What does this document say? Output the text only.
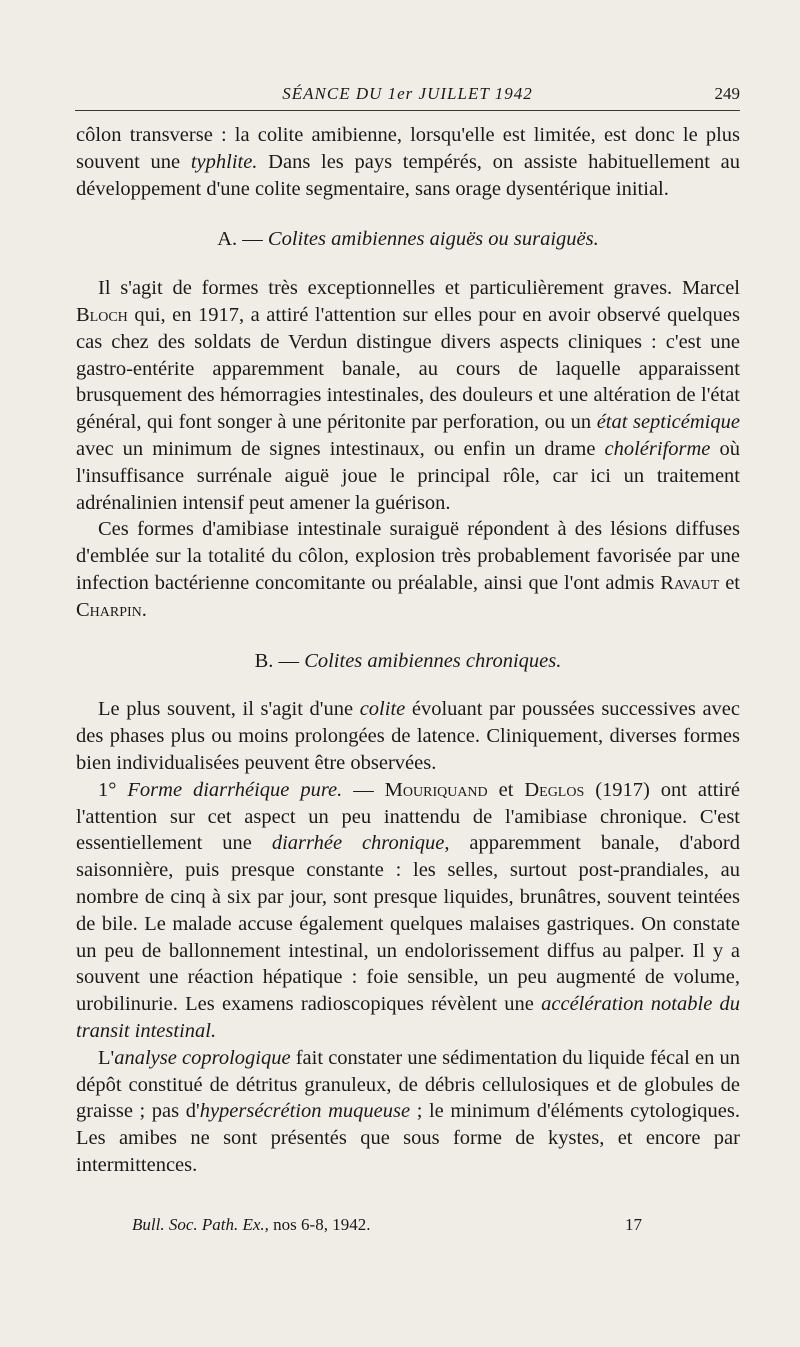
SÉANCE DU 1er JUILLET 1942	249

côlon transverse : la colite amibienne, lorsqu'elle est limitée, est donc le plus souvent une typhlite. Dans les pays tempérés, on assiste habituellement au développement d'une colite segmentaire, sans orage dysentérique initial.

A. — Colites amibiennes aiguës ou suraiguës.

Il s'agit de formes très exceptionnelles et particulièrement graves. Marcel Bloch qui, en 1917, a attiré l'attention sur elles pour en avoir observé quelques cas chez des soldats de Verdun distingue divers aspects cliniques : c'est une gastro-entérite apparemment banale, au cours de laquelle apparaissent brusquement des hémorragies intestinales, des douleurs et une altération de l'état général, qui font songer à une péritonite par perforation, ou un état septicémique avec un minimum de signes intestinaux, ou enfin un drame cholériforme où l'insuffisance surrénale aiguë joue le principal rôle, car ici un traitement adrénalinien intensif peut amener la guérison.

Ces formes d'amibiase intestinale suraiguë répondent à des lésions diffuses d'emblée sur la totalité du côlon, explosion très probablement favorisée par une infection bactérienne concomitante ou préalable, ainsi que l'ont admis Ravaut et Charpin.

B. — Colites amibiennes chroniques.

Le plus souvent, il s'agit d'une colite évoluant par poussées successives avec des phases plus ou moins prolongées de latence. Cliniquement, diverses formes bien individualisées peuvent être observées.

1° Forme diarrhéique pure. — Mouriquand et Deglos (1917) ont attiré l'attention sur cet aspect un peu inattendu de l'amibiase chronique. C'est essentiellement une diarrhée chronique, apparemment banale, d'abord saisonnière, puis presque constante : les selles, surtout post-prandiales, au nombre de cinq à six par jour, sont presque liquides, brunâtres, souvent teintées de bile. Le malade accuse également quelques malaises gastriques. On constate un peu de ballonnement intestinal, un endolorissement diffus au palper. Il y a souvent une réaction hépatique : foie sensible, un peu augmenté de volume, urobilinurie. Les examens radioscopiques révèlent une accélération notable du transit intestinal.

L'analyse coprologique fait constater une sédimentation du liquide fécal en un dépôt constitué de détritus granuleux, de débris cellulosiques et de globules de graisse ; pas d'hypersécrétion muqueuse ; le minimum d'éléments cytologiques. Les amibes ne sont présentés que sous forme de kystes, et encore par intermittences.

Bull. Soc. Path. Ex., nos 6-8, 1942.	17
